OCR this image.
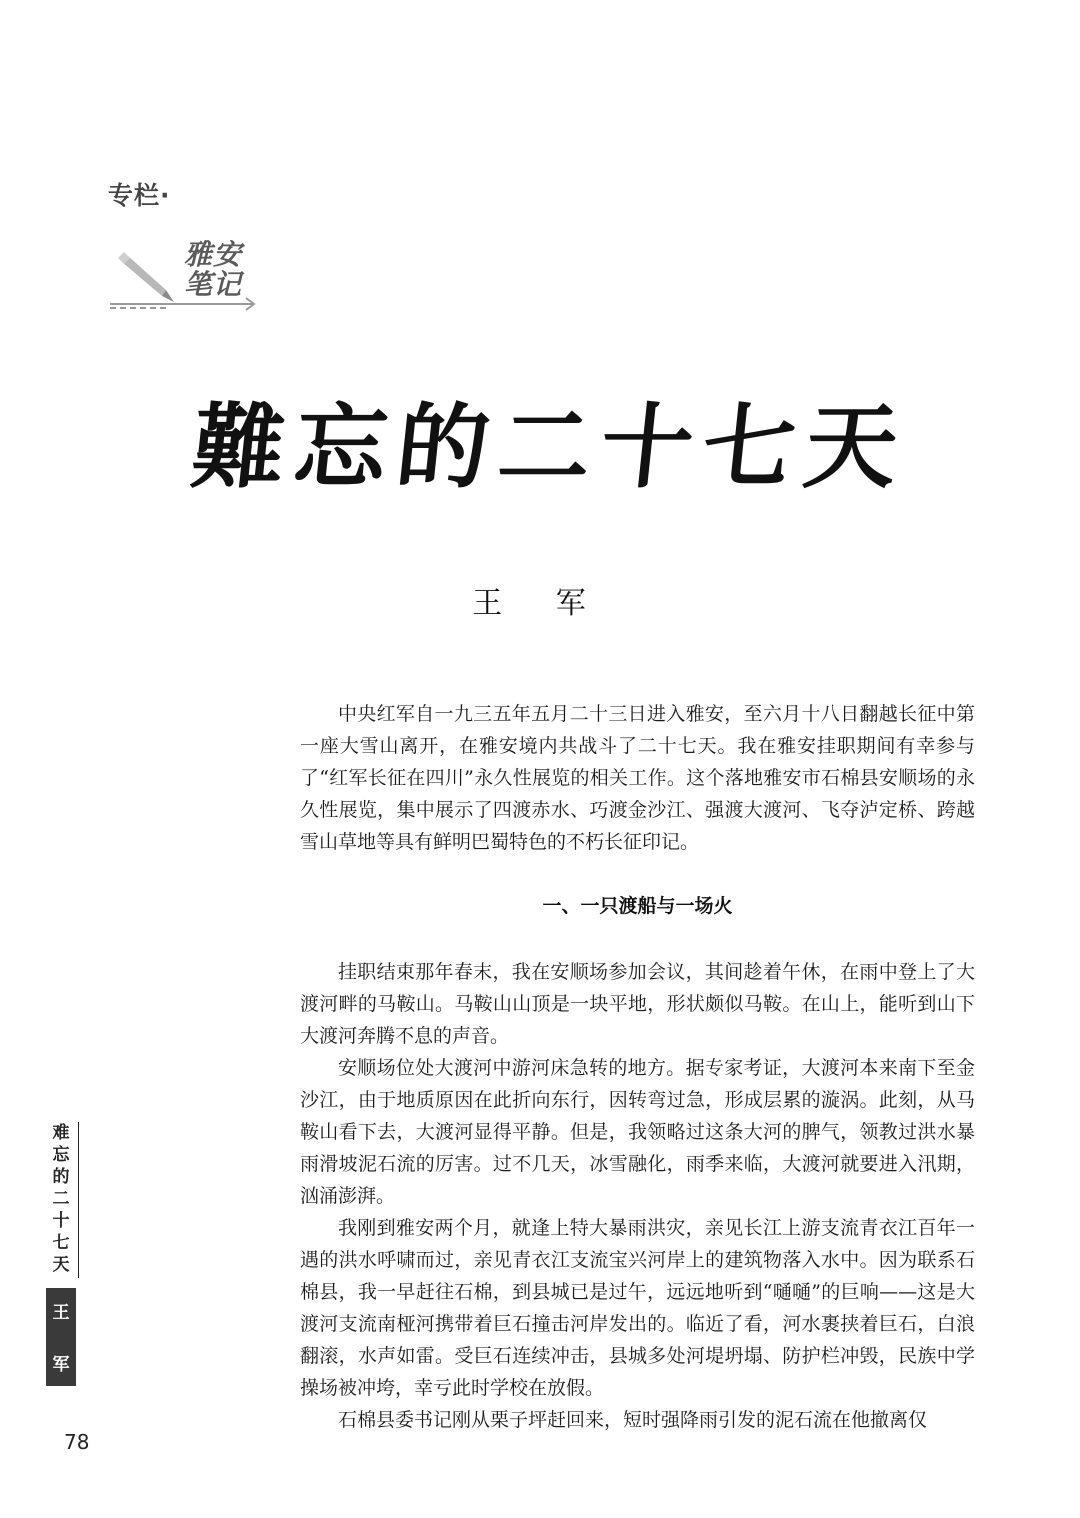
专栏·
雅安
笔记
難忘的二十七天
王 军

中央红军自一九三五年五月二十三日进入雅安，至六月十八日翻越长征中第一座大雪山离开，在雅安境内共战斗了二十七天。我在雅安挂职期间有幸参与了“红军长征在四川”永久性展览的相关工作。这个落地雅安市石棉县安顺场的永久性展览，集中展示了四渡赤水、巧渡金沙江、强渡大渡河、飞夺泸定桥、跨越雪山草地等具有鲜明巴蜀特色的不朽长征印记。

一、一只渡船与一场火

挂职结束那年春末，我在安顺场参加会议，其间趁着午休，在雨中登上了大渡河畔的马鞍山。马鞍山山顶是一块平地，形状颇似马鞍。在山上，能听到山下大渡河奔腾不息的声音。

安顺场位处大渡河中游河床急转的地方。据专家考证，大渡河本来南下至金沙江，由于地质原因在此折向东行，因转弯过急，形成层累的漩涡。此刻，从马鞍山看下去，大渡河显得平静。但是，我领略过这条大河的脾气，领教过洪水暴雨滑坡泥石流的厉害。过不几天，冰雪融化，雨季来临，大渡河就要进入汛期，汹涌澎湃。

我刚到雅安两个月，就逢上特大暴雨洪灾，亲见长江上游支流青衣江百年一遇的洪水呼啸而过，亲见青衣江支流宝兴河岸上的建筑物落入水中。因为联系石棉县，我一早赶往石棉，到县城已是过午，远远地听到“嗵嗵”的巨响——这是大渡河支流南桠河携带着巨石撞击河岸发出的。临近了看，河水裹挟着巨石，白浪翻滚，水声如雷。受巨石连续冲击，县城多处河堤坍塌、防护栏冲毁，民族中学操场被冲垮，幸亏此时学校在放假。

石棉县委书记刚从栗子坪赶回来，短时强降雨引发的泥石流在他撤离仅

难忘的二十七天
王
军
78
